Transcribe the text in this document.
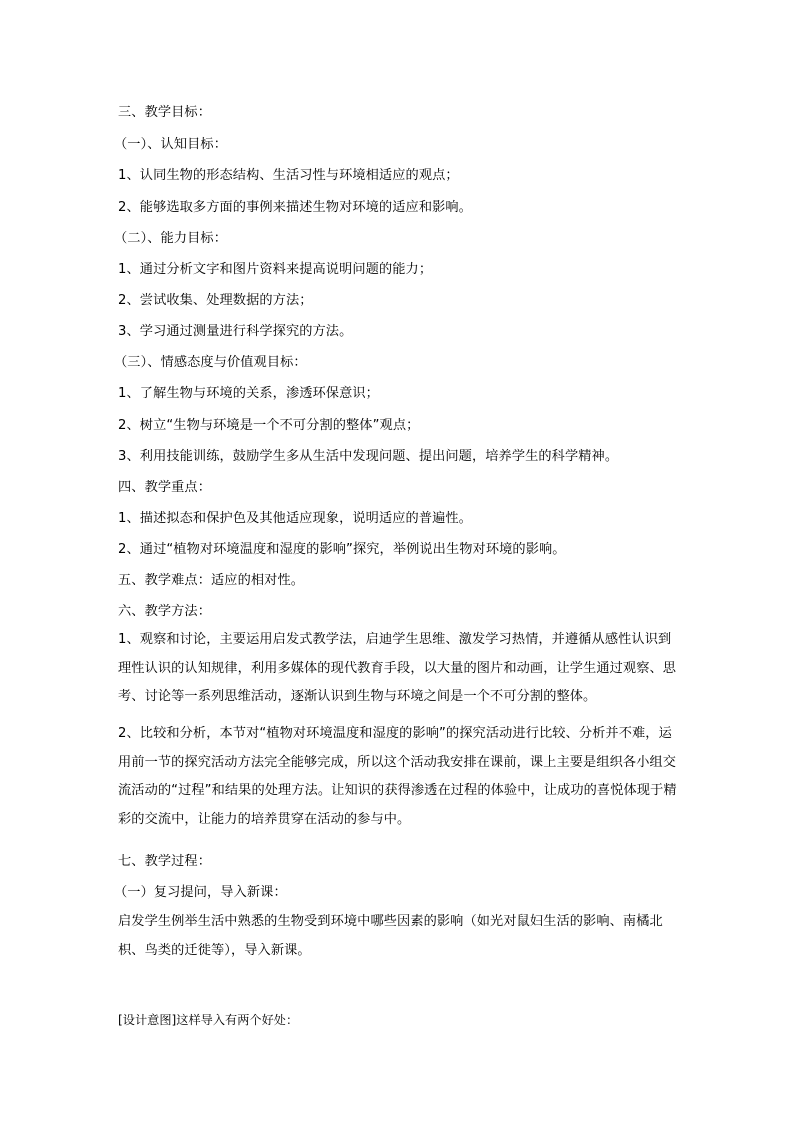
三、教学目标：
（一）、认知目标：
1、认同生物的形态结构、生活习性与环境相适应的观点；
2、能够选取多方面的事例来描述生物对环境的适应和影响。
（二）、能力目标：
1、通过分析文字和图片资料来提高说明问题的能力；
2、尝试收集、处理数据的方法；
3、学习通过测量进行科学探究的方法。
（三）、情感态度与价值观目标：
1、了解生物与环境的关系，渗透环保意识；
2、树立“生物与环境是一个不可分割的整体”观点；
3、利用技能训练，鼓励学生多从生活中发现问题、提出问题，培养学生的科学精神。
四、教学重点：
1、描述拟态和保护色及其他适应现象，说明适应的普遍性。
2、通过“植物对环境温度和湿度的影响”探究，举例说出生物对环境的影响。
五、教学难点：适应的相对性。
六、教学方法：
1、观察和讨论，主要运用启发式教学法，启迪学生思维、激发学习热情，并遵循从感性认识到理性认识的认知规律，利用多媒体的现代教育手段，以大量的图片和动画，让学生通过观察、思考、讨论等一系列思维活动，逐渐认识到生物与环境之间是一个不可分割的整体。
2、比较和分析，本节对“植物对环境温度和湿度的影响”的探究活动进行比较、分析并不难，运用前一节的探究活动方法完全能够完成，所以这个活动我安排在课前，课上主要是组织各小组交流活动的“过程”和结果的处理方法。让知识的获得渗透在过程的体验中，让成功的喜悦体现于精彩的交流中，让能力的培养贯穿在活动的参与中。
七、教学过程：
（一）复习提问，导入新课：
启发学生例举生活中熟悉的生物受到环境中哪些因素的影响（如光对鼠妇生活的影响、南橘北枳、鸟类的迁徙等），导入新课。
[设计意图]这样导入有两个好处：
